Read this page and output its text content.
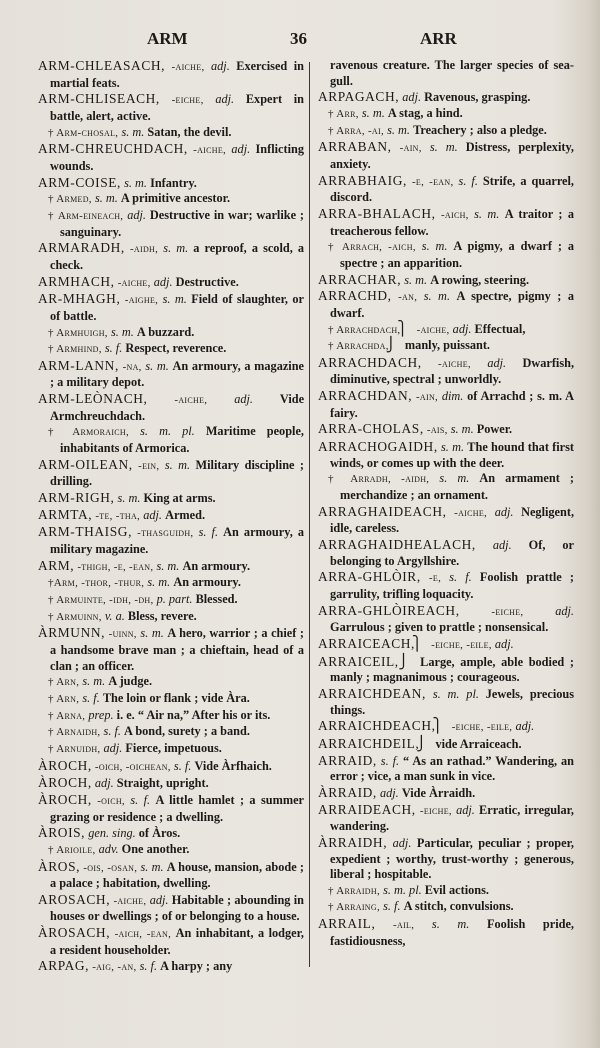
ARM	36	ARR

ARM-CHLEASACH, -aiche, adj. Exercised in martial feats.

ARM-CHLISEACH, -eiche, adj. Expert in battle, alert, active.

† Arm-chosal, s. m. Satan, the devil.

ARM-CHREUCHDACH, -aiche, adj. Inflicting wounds.

ARM-COISE, s. m. Infantry.

† Armed, s. m. A primitive ancestor.

† Arm-eineach, adj. Destructive in war; warlike ; sanguinary.

ARMARADH, -aidh, s. m. a reproof, a scold, a check.

ARMHACH, -aiche, adj. Destructive.

AR-MHAGH, -aighe, s. m. Field of slaughter, or of battle.

† Armhuigh, s. m. A buzzard.

† Armhind, s. f. Respect, reverence.

ARM-LANN, -na, s. m. An armoury, a magazine ; a military depot.

ARM-LEÒNACH, -aiche, adj. Vide Armchreuchdach.

† Armoraich, s. m. pl. Maritime people, inhabitants of Armorica.

ARM-OILEAN, -ein, s. m. Military discipline ; drilling.

ARM-RIGH, s. m. King at arms.

ARMTA, -te, -tha, adj. Armed.

ARM-THAISG, -thasguidh, s. f. An armoury, a military magazine.

ARM, -thigh, -e, -ean, s. m. An armoury.

†Arm, -thor, -thur, s. m. An armoury.

† Armuinte, -idh, -dh, p. part. Blessed.

† Armuinn, v. a. Bless, revere.

ÀRMUNN, -uinn, s. m. A hero, warrior ; a chief ; a handsome brave man ; a chieftain, head of a clan ; an officer.

† Arn, s. m. A judge.

† Arn, s. f. The loin or flank ; vide Àra.

† Arna, prep. i. e. “ Air na,” After his or its.

† Arnaidh, s. f. A bond, surety ; a band.

† Arnuidh, adj. Fierce, impetuous.

ÀROCH, -oich, -oichean, s. f. Vide Àrfhaich.

ÀROCH, adj. Straight, upright.

ÀROCH, -oich, s. f. A little hamlet ; a summer grazing or residence ; a dwelling.

ÀROIS, gen. sing. of Àros.

† Arioile, adv. One another.

ÀROS, -ois, -osan, s. m. A house, mansion, abode ; a palace ; habitation, dwelling.

AROSACH, -aiche, adj. Habitable ; abounding in houses or dwellings ; of or belonging to a house.

ÀROSACH, -aich, -ean, An inhabitant, a lodger, a resident householder.

ARPAG, -aig, -an, s. f. A harpy ; any

ravenous creature. The larger species of sea-gull.

ARPAGACH, adj. Ravenous, grasping.

† Arr, s. m. A stag, a hind.

† Arra, -ai, s. m. Treachery ; also a pledge.

ARRABAN, -ain, s. m. Distress, perplexity, anxiety.

ARRABHAIG, -e, -ean, s. f. Strife, a quarrel, discord.

ARRA-BHALACH, -aich, s. m. A traitor ; a treacherous fellow.

† Arrach, -aich, s. m. A pigmy, a dwarf ; a spectre ; an apparition.

ARRACHAR, s. m. A rowing, steering.

ARRACHD, -an, s. m. A spectre, pigmy ; a dwarf.

† Arrachdach, ⎫ -aiche, adj. Effectual,

† Arrachda, ⎭ manly, puissant.

ARRACHDACH, -aiche, adj. Dwarfish, diminutive, spectral ; unworldly.

ARRACHDAN, -ain, dim. of Arrachd ; s. m. A fairy.

ARRA-CHOLAS, -ais, s. m. Power.

ARRACHOGAIDH, s. m. The hound that first winds, or comes up with the deer.

† Arradh, -aidh, s. m. An armament ; merchandize ; an ornament.

ARRAGHAIDEACH, -aiche, adj. Negligent, idle, careless.

ARRAGHAIDHEALACH, adj. Of, or belonging to Argyllshire.

ARRA-GHLÒIR, -e, s. f. Foolish prattle ; garrulity, trifling loquacity.

ARRA-GHLÒIREACH,	-eiche,	adj. Garrulous ; given to prattle ; nonsensical.

ARRAICEACH, ⎫ -eiche, -eile, adj.

ARRAICEIL, ⎭ Large, ample, able bodied ; manly ; magnanimous ; courageous.

ARRAICHDEAN, s. m. pl. Jewels, precious things.

ARRAICHDEACH, ⎫ -eiche, -eile, adj.

ARRAICHDEIL, ⎭ vide Arraiceach.

ARRAID, s. f. “ As an rathad.” Wandering, an error ; vice, a man sunk in vice.

ÀRRAID, adj. Vide Àrraidh.

ARRAIDEACH, -eiche, adj. Erratic, irregular, wandering.

ÀRRAIDH, adj. Particular, peculiar ; proper, expedient ; worthy, trust-worthy ; generous, liberal ; hospitable.

† Arraidh, s. m. pl. Evil actions.

† Arraing, s. f. A stitch, convulsions.

ARRAIL, -ail, s. m. Foolish pride, fastidiousness,
